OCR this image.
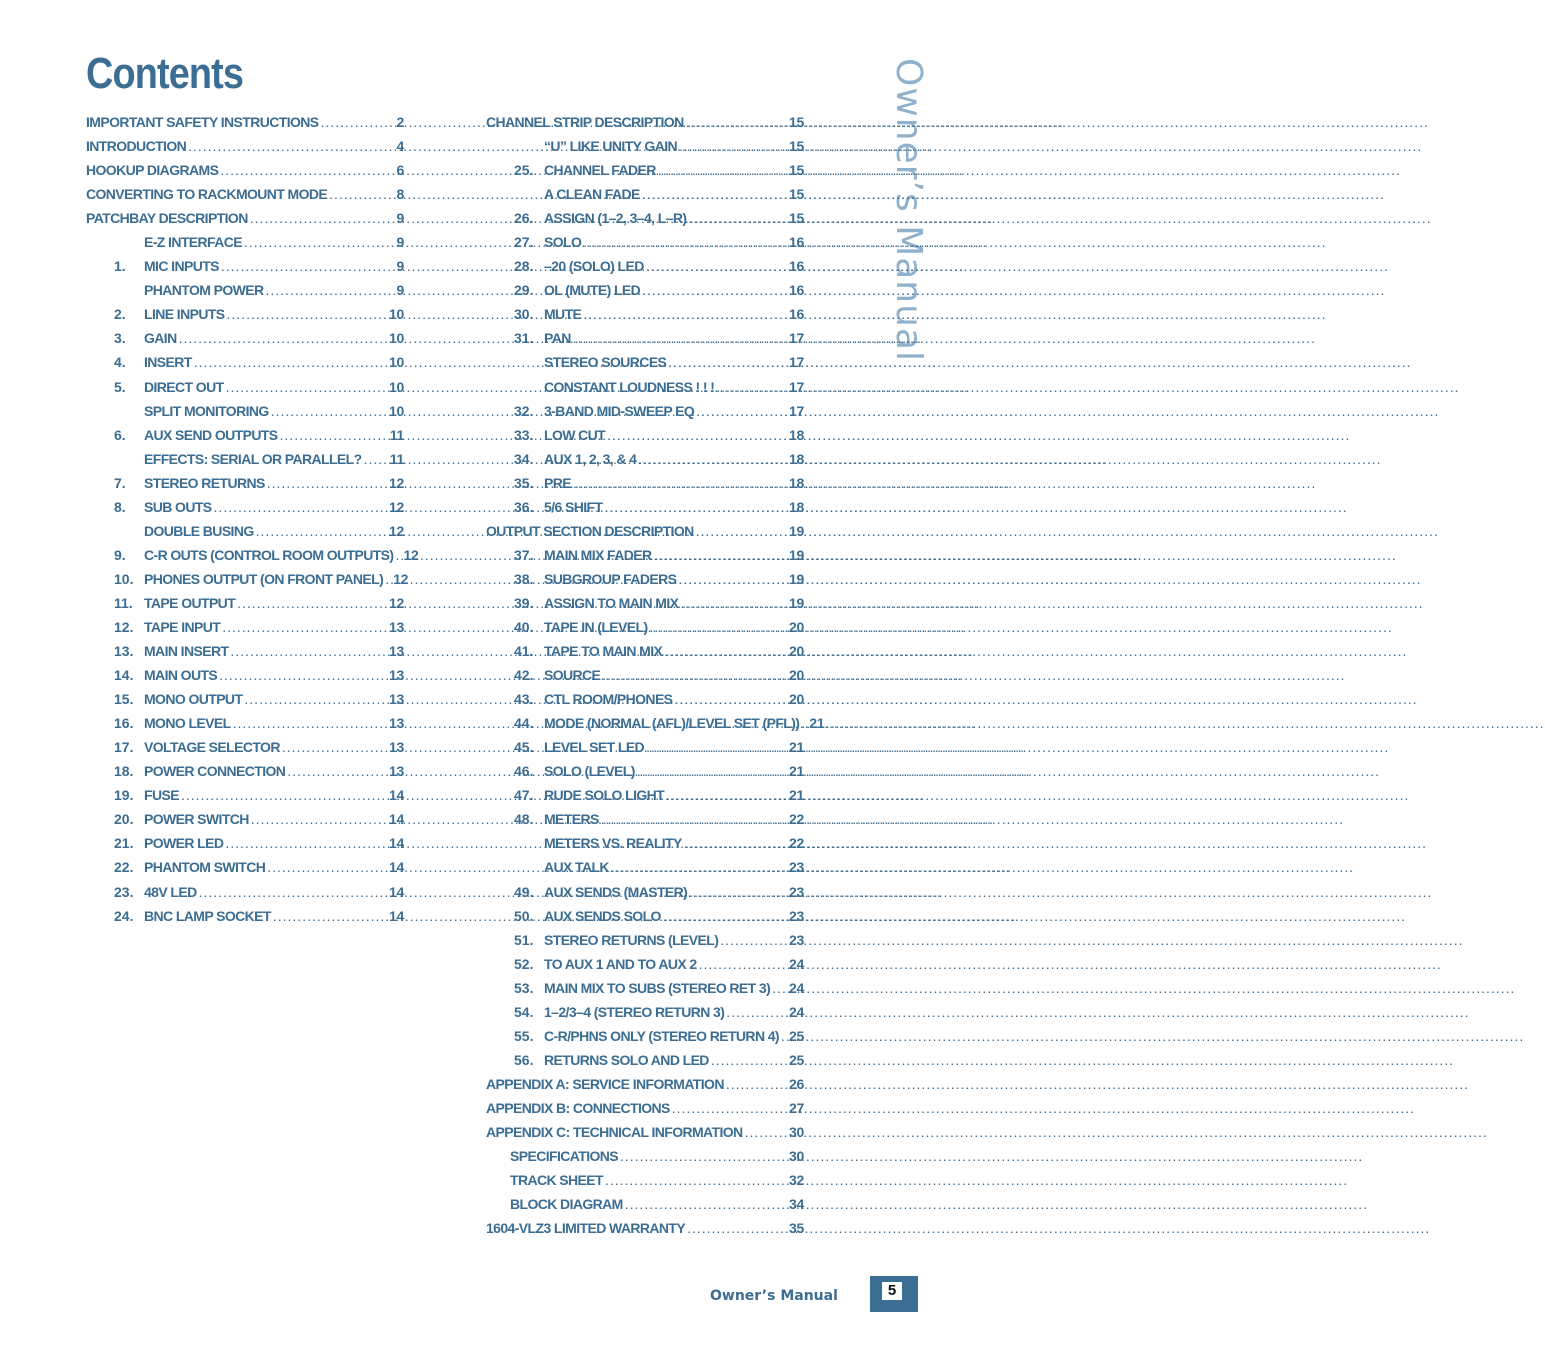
Contents	Owner’s Manual
IMPORTANT SAFETY INSTRUCTIONS .....	2
INTRODUCTION .....	4
HOOKUP DIAGRAMS .....	6
CONVERTING TO RACKMOUNT MODE .....	8
PATCHBAY DESCRIPTION .....	9
E-Z INTERFACE .....	9
1.	MIC INPUTS .....	9
PHANTOM POWER .....	9
2.	LINE INPUTS .....	10
3.	GAIN .....	10
4.	INSERT .....	10
5.	DIRECT OUT .....	10
SPLIT MONITORING .....	10
6.	AUX SEND OUTPUTS .....	11
EFFECTS: SERIAL OR PARALLEL? ..... 11
7.	STEREO RETURNS .....	12
8.	SUB OUTS .....	12
DOUBLE BUSING .....	12
9.	C-R OUTS (CONTROL ROOM OUTPUTS) ..... 12
10. PHONES OUTPUT (ON FRONT PANEL) ..... 12
11. TAPE OUTPUT .....	12
12. TAPE INPUT .....	13
13. MAIN INSERT .....	13
14. MAIN OUTS .....	13
15. MONO OUTPUT .....	13
16. MONO LEVEL .....	13
17. VOLTAGE SELECTOR .....	13
18. POWER CONNECTION .....	13
19. FUSE .....	14
20. POWER SWITCH .....	14
21. POWER LED .....	14
22. PHANTOM SWITCH .....	14
23. 48V LED .....	14
24. BNC LAMP SOCKET .....	14
CHANNEL STRIP DESCRIPTION .....	15
“U” LIKE UNITY GAIN .....	15
25. CHANNEL FADER .....	15
A CLEAN FADE .....	15
26. ASSIGN (1–2, 3–4, L–R) .....	15
27. SOLO .....	16
28. –20 (SOLO) LED .....	16
29. OL (MUTE) LED .....	16
30. MUTE .....	16
31. PAN .....	17
STEREO SOURCES .....	17
CONSTANT LOUDNESS ! ! ! .....	17
32. 3-BAND MID-SWEEP EQ .....	17
33. LOW CUT .....	18
34. AUX 1, 2, 3, & 4 .....	18
35. PRE .....	18
36. 5/6 SHIFT .....	18
OUTPUT SECTION DESCRIPTION .....	19
37. MAIN MIX FADER .....	19
38. SUBGROUP FADERS .....	19
39. ASSIGN TO MAIN MIX .....	19
40. TAPE IN (LEVEL) .....	20
41. TAPE TO MAIN MIX .....	20
42. SOURCE .....	20
43. CTL ROOM/PHONES .....	20
44. MODE (NORMAL (AFL)/LEVEL SET (PFL)) ..... 21
45. LEVEL SET LED .....	21
46. SOLO (LEVEL) .....	21
47. RUDE SOLO LIGHT .....	21
48. METERS .....	22
METERS VS. REALITY .....	22
AUX TALK .....	23
49. AUX SENDS (MASTER) .....	23
50. AUX SENDS SOLO .....	23
51. STEREO RETURNS (LEVEL) .....	23
52. TO AUX 1 AND TO AUX 2 .....	24
53. MAIN MIX TO SUBS (STEREO RET 3) ..... 24
54. 1–2/3–4 (STEREO RETURN 3) .....	24
55. C-R/PHNS ONLY (STEREO RETURN 4) ..... 25
56. RETURNS SOLO AND LED .....	25
APPENDIX A: SERVICE INFORMATION .....	26
APPENDIX B: CONNECTIONS .....	27
APPENDIX C: TECHNICAL INFORMATION .....	30
SPECIFICATIONS .....	30
TRACK SHEET .....	32
BLOCK DIAGRAM .....	34
1604-VLZ3 LIMITED WARRANTY .....	35
Owner’s Manual	5
